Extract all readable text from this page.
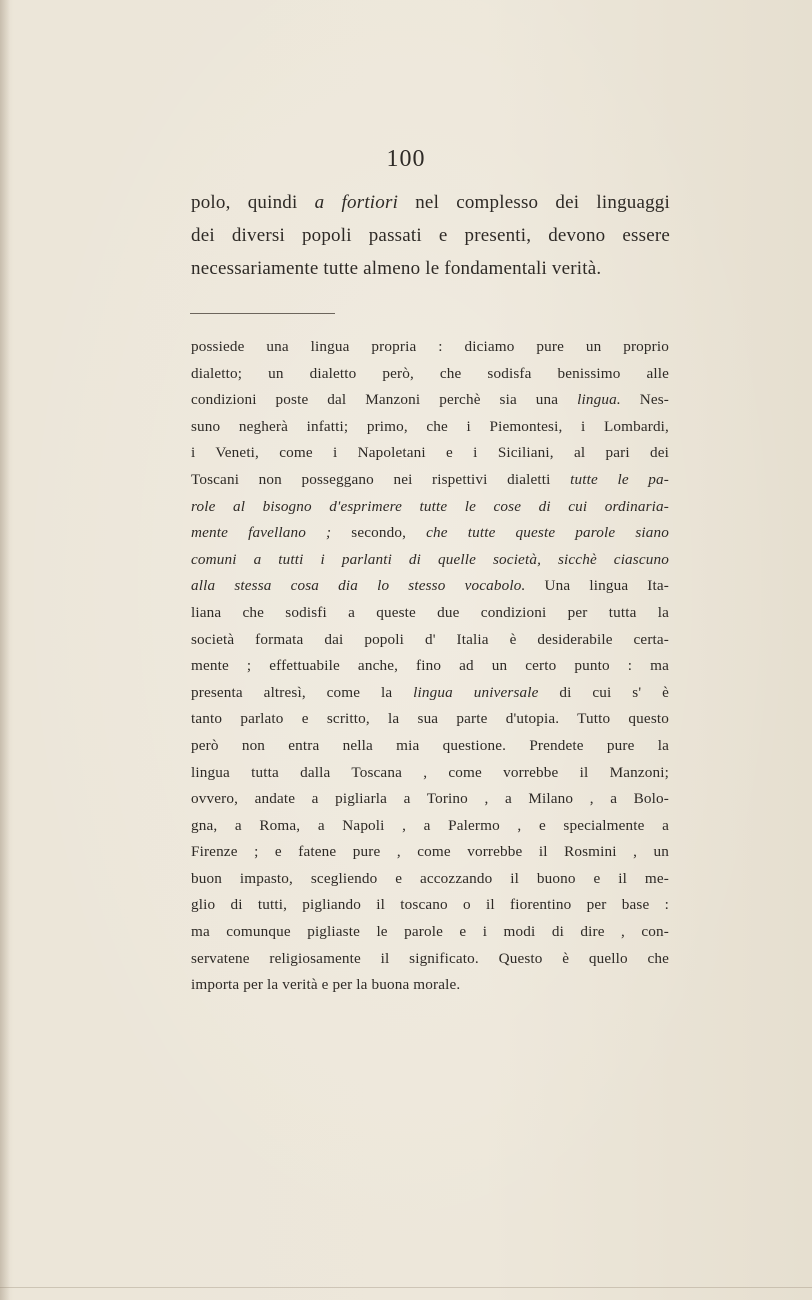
100
polo, quindi a fortiori nel complesso dei linguaggi
dei diversi popoli passati e presenti, devono essere
necessariamente tutte almeno le fondamentali verità.
possiede una lingua propria : diciamo pure un proprio
dialetto; un dialetto però, che sodisfa benissimo alle
condizioni poste dal Manzoni perchè sia una lingua. Nes-
suno negherà infatti; primo, che i Piemontesi, i Lombardi,
i Veneti, come i Napoletani e i Siciliani, al pari dei
Toscani non posseggano nei rispettivi dialetti tutte le pa-
role al bisogno d'esprimere tutte le cose di cui ordinaria-
mente favellano ; secondo, che tutte queste parole siano
comuni a tutti i parlanti di quelle società, sicchè ciascuno
alla stessa cosa dia lo stesso vocabolo. Una lingua Ita-
liana che sodisfi a queste due condizioni per tutta la
società formata dai popoli d' Italia è desiderabile certa-
mente ; effettuabile anche, fino ad un certo punto : ma
presenta altresì, come la lingua universale di cui s' è
tanto parlato e scritto, la sua parte d'utopia. Tutto questo
però non entra nella mia questione. Prendete pure la
lingua tutta dalla Toscana , come vorrebbe il Manzoni;
ovvero, andate a pigliarla a Torino , a Milano , a Bolo-
gna, a Roma, a Napoli , a Palermo , e specialmente a
Firenze ; e fatene pure , come vorrebbe il Rosmini , un
buon impasto, scegliendo e accozzando il buono e il me-
glio di tutti, pigliando il toscano o il fiorentino per base :
ma comunque pigliaste le parole e i modi di dire , con-
servatene religiosamente il significato. Questo è quello che
importa per la verità e per la buona morale.
